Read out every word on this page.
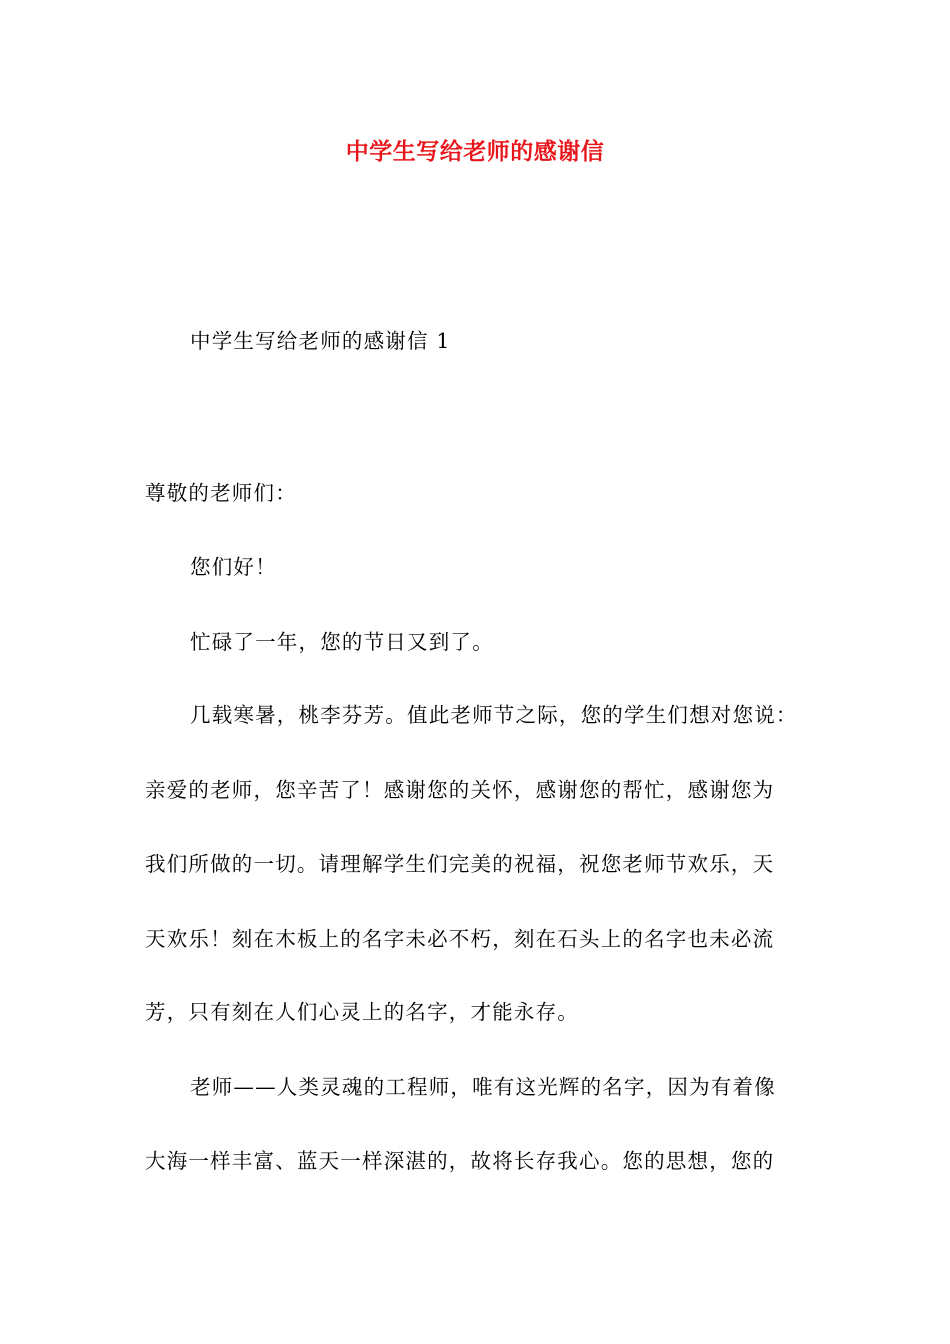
中学生写给老师的感谢信
中学生写给老师的感谢信 1
尊敬的老师们：
您们好！
忙碌了一年，您的节日又到了。
几载寒暑，桃李芬芳。值此老师节之际，您的学生们想对您说：
亲爱的老师，您辛苦了！感谢您的关怀，感谢您的帮忙，感谢您为
我们所做的一切。请理解学生们完美的祝福，祝您老师节欢乐，天
天欢乐！刻在木板上的名字未必不朽，刻在石头上的名字也未必流
芳，只有刻在人们心灵上的名字，才能永存。
老师——人类灵魂的工程师，唯有这光辉的名字，因为有着像
大海一样丰富、蓝天一样深湛的，故将长存我心。您的思想，您的
